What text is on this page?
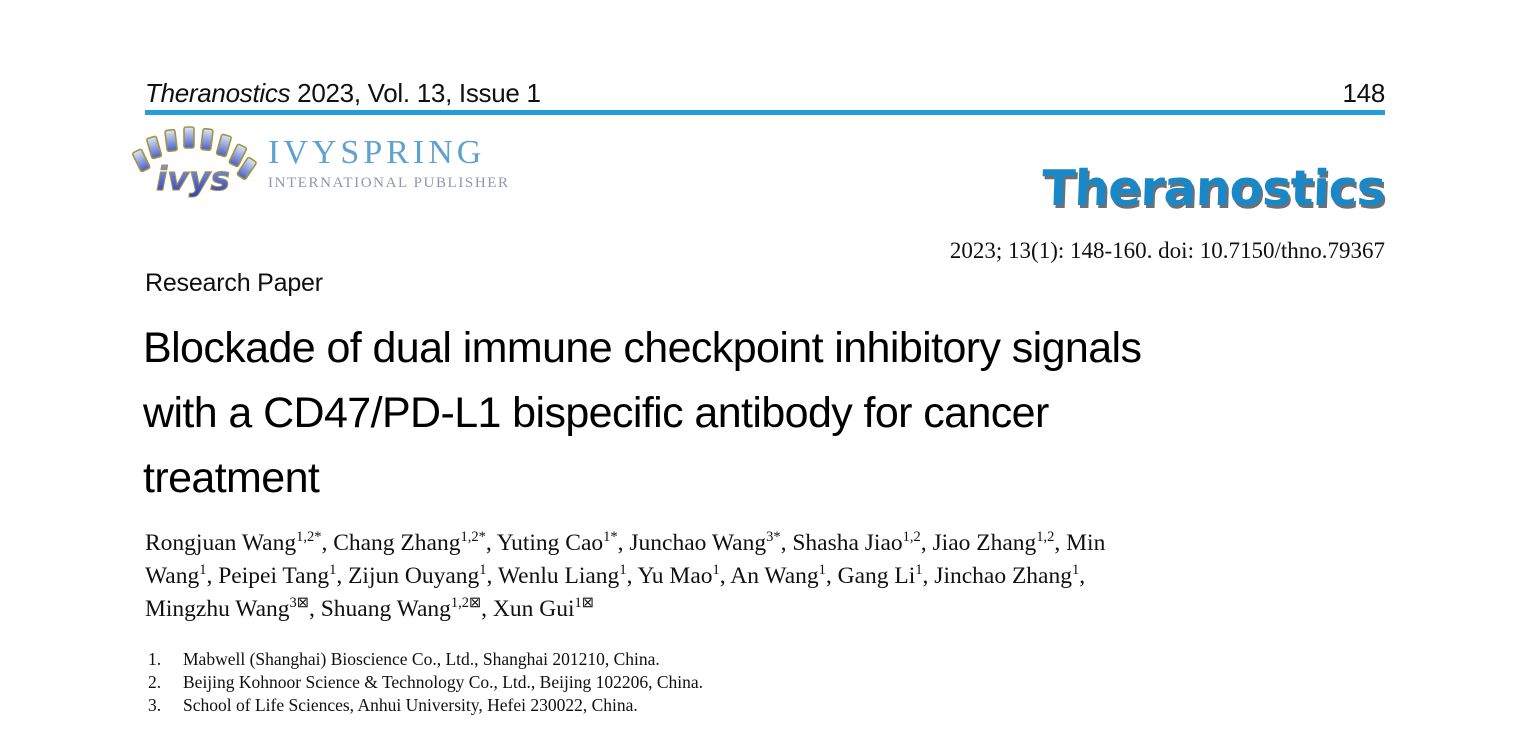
Theranostics 2023, Vol. 13, Issue 1	148
ivys
IVYSPRING
INTERNATIONAL PUBLISHER	Theranostics
2023; 13(1): 148-160. doi: 10.7150/thno.79367
Research Paper
Blockade of dual immune checkpoint inhibitory signals
with a CD47/PD-L1 bispecific antibody for cancer
treatment
Rongjuan Wang$^{1,2*}$, Chang Zhang$^{1,2*}$, Yuting Cao$^{1*}$, Junchao Wang$^{3*}$, Shasha Jiao$^{1,2}$, Jiao Zhang$^{1,2}$, Min
Wang$^1$, Peipei Tang$^1$, Zijun Ouyang$^1$, Wenlu Liang$^1$, Yu Mao$^1$, An Wang$^1$, Gang Li$^1$, Jinchao Zhang$^1$,
Mingzhu Wang$^{3⊠}$, Shuang Wang$^{1,2⊠}$, Xun Gui$^{1⊠}$
1.	Mabwell (Shanghai) Bioscience Co., Ltd., Shanghai 201210, China.
2.	Beijing Kohnoor Science & Technology Co., Ltd., Beijing 102206, China.
3.	School of Life Sciences, Anhui University, Hefei 230022, China.
